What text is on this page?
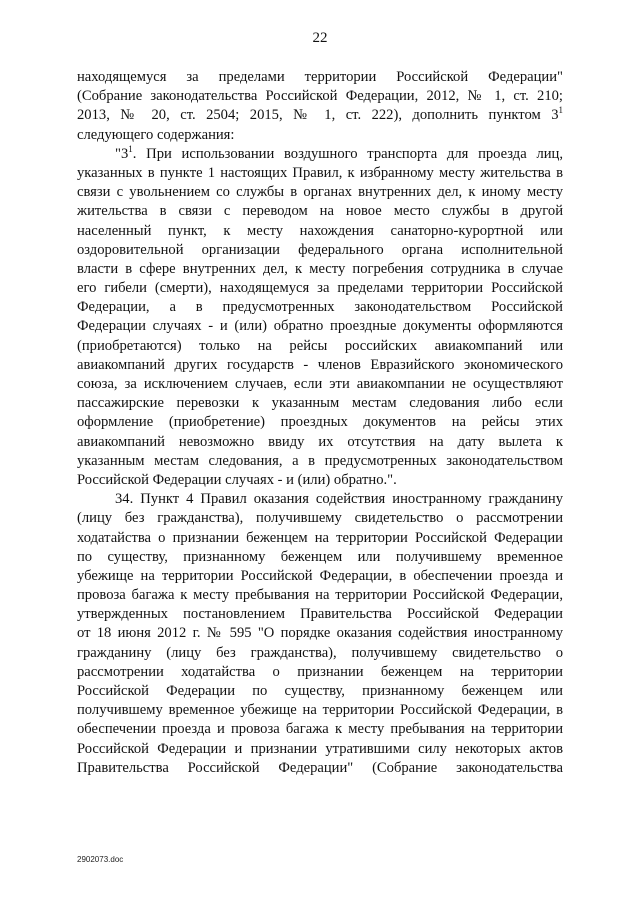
22
находящемуся за пределами территории Российской Федерации"
(Собрание законодательства Российской Федерации, 2012, № 1, ст. 210;
2013, № 20, ст. 2504; 2015, № 1, ст. 222), дополнить пунктом $3^1$
следующего содержания:
"$3^1$. При использовании воздушного транспорта для проезда лиц,
указанных в пункте 1 настоящих Правил, к избранному месту жительства в
связи с увольнением со службы в органах внутренних дел, к иному месту
жительства в связи с переводом на новое место службы в другой
населенный пункт, к месту нахождения санаторно-курортной или
оздоровительной организации федерального органа исполнительной
власти в сфере внутренних дел, к месту погребения сотрудника в случае
его гибели (смерти), находящемуся за пределами территории Российской
Федерации, а в предусмотренных законодательством Российской
Федерации случаях - и (или) обратно проездные документы оформляются
(приобретаются) только на рейсы российских авиакомпаний или
авиакомпаний других государств - членов Евразийского экономического
союза, за исключением случаев, если эти авиакомпании не осуществляют
пассажирские перевозки к указанным местам следования либо если
оформление (приобретение) проездных документов на рейсы этих
авиакомпаний невозможно ввиду их отсутствия на дату вылета к
указанным местам следования, а в предусмотренных законодательством
Российской Федерации случаях - и (или) обратно.".
34. Пункт 4 Правил оказания содействия иностранному гражданину
(лицу без гражданства), получившему свидетельство о рассмотрении
ходатайства о признании беженцем на территории Российской Федерации
по существу, признанному беженцем или получившему временное
убежище на территории Российской Федерации, в обеспечении проезда и
провоза багажа к месту пребывания на территории Российской Федерации,
утвержденных постановлением Правительства Российской Федерации
от 18 июня 2012 г. № 595 "О порядке оказания содействия иностранному
гражданину (лицу без гражданства), получившему свидетельство о
рассмотрении ходатайства о признании беженцем на территории
Российской Федерации по существу, признанному беженцем или
получившему временное убежище на территории Российской Федерации, в
обеспечении проезда и провоза багажа к месту пребывания на территории
Российской Федерации и признании утратившими силу некоторых актов
Правительства Российской Федерации" (Собрание законодательства
2902073.doc
